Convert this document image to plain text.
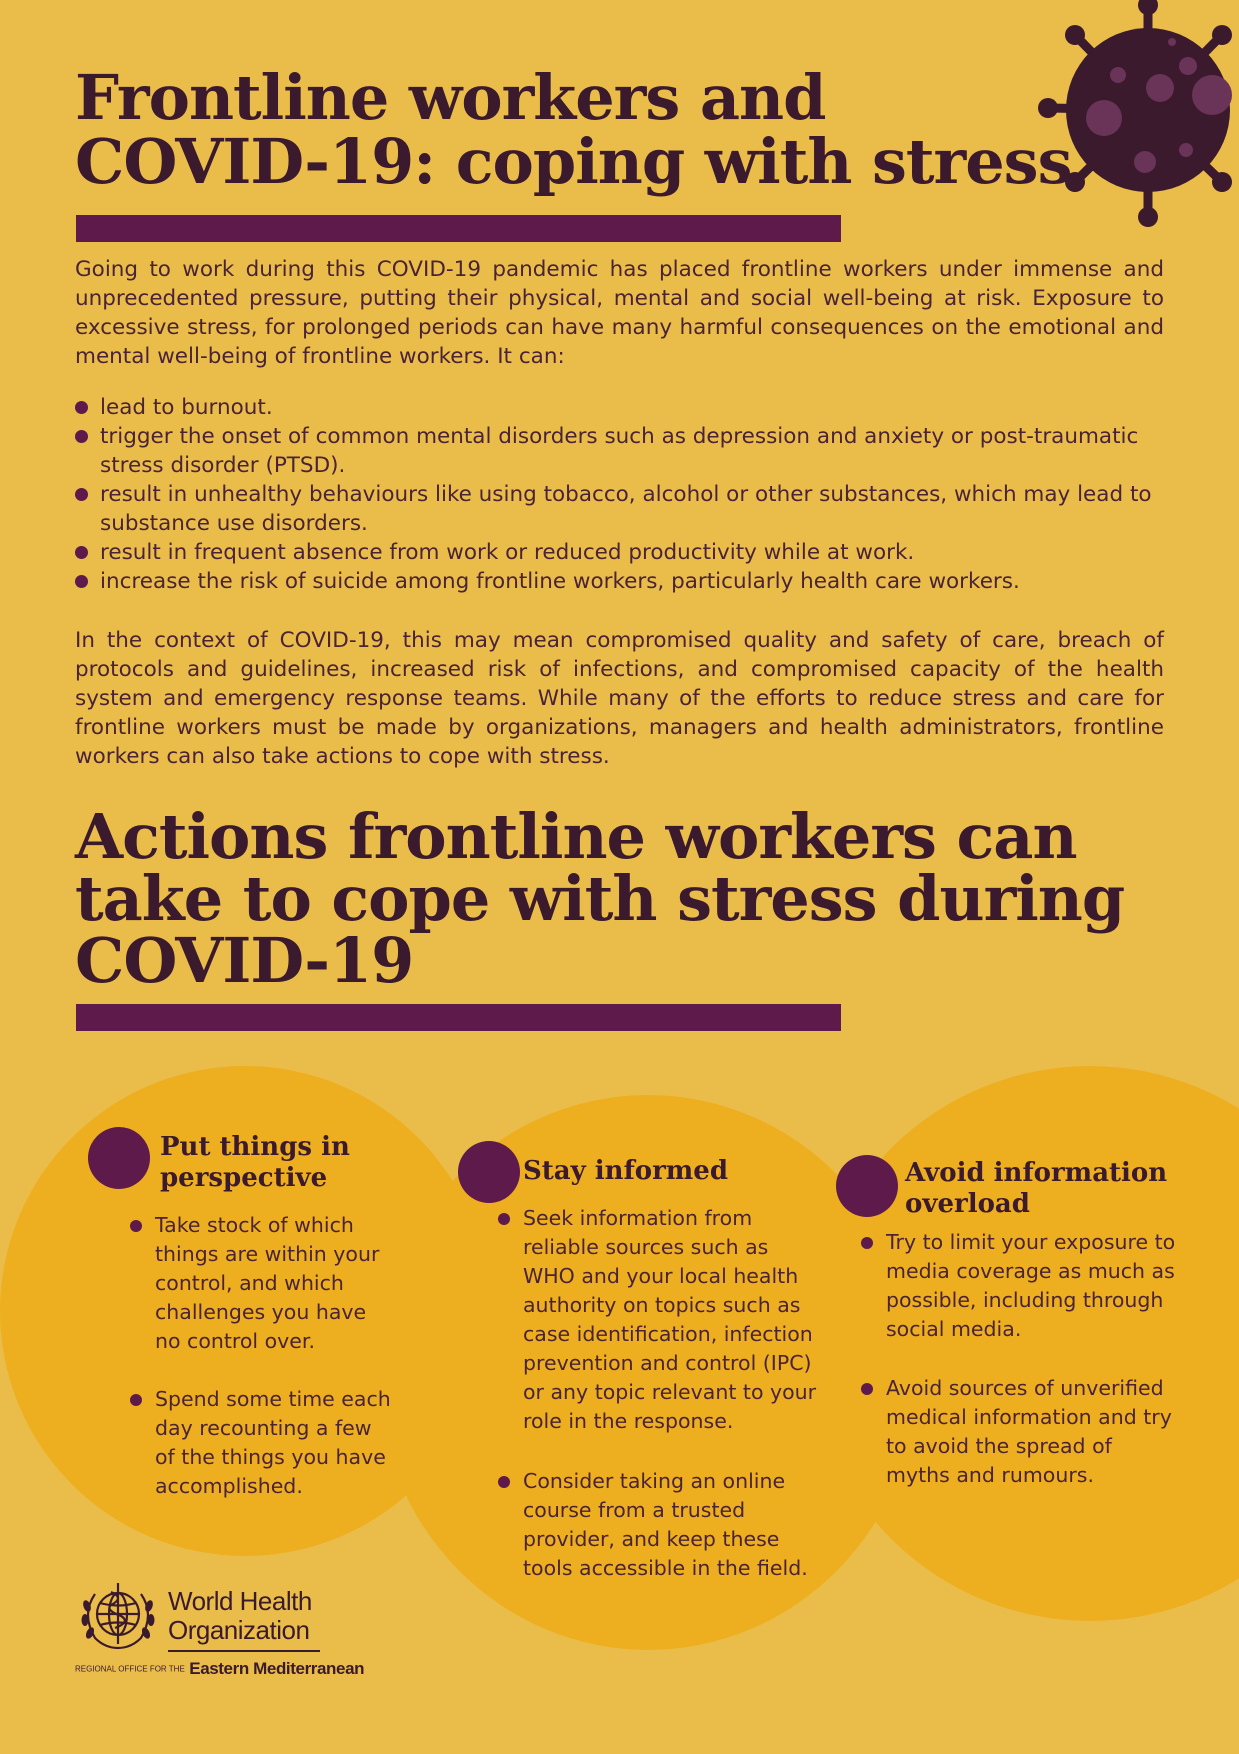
Frontline workers and
COVID-19: coping with stress

Going to work during this COVID-19 pandemic has placed frontline workers under immense and unprecedented pressure, putting their physical, mental and social well-being at risk. Exposure to excessive stress, for prolonged periods can have many harmful consequences on the emotional and mental well-being of frontline workers. It can:

lead to burnout.
trigger the onset of common mental disorders such as depression and anxiety or post-traumatic stress disorder (PTSD).
result in unhealthy behaviours like using tobacco, alcohol or other substances, which may lead to substance use disorders.
result in frequent absence from work or reduced productivity while at work.
increase the risk of suicide among frontline workers, particularly health care workers.

In the context of COVID-19, this may mean compromised quality and safety of care, breach of protocols and guidelines, increased risk of infections, and compromised capacity of the health system and emergency response teams. While many of the efforts to reduce stress and care for frontline workers must be made by organizations, managers and health administrators, frontline workers can also take actions to cope with stress.

Actions frontline workers can
take to cope with stress during
COVID-19
Put things in
perspective
Take stock of which things are within your control, and which challenges you have no control over.
Spend some time each day recounting a few of the things you have accomplished.
Stay informed
Seek information from reliable sources such as WHO and your local health authority on topics such as case identification, infection prevention and control (IPC) or any topic relevant to your role in the response.
Consider taking an online course from a trusted provider, and keep these tools accessible in the field.
Avoid information
overload
Try to limit your exposure to media coverage as much as possible, including through social media.
Avoid sources of unverified medical information and try to avoid the spread of myths and rumours.
World Health
Organization
REGIONAL OFFICE FOR THE Eastern Mediterranean
